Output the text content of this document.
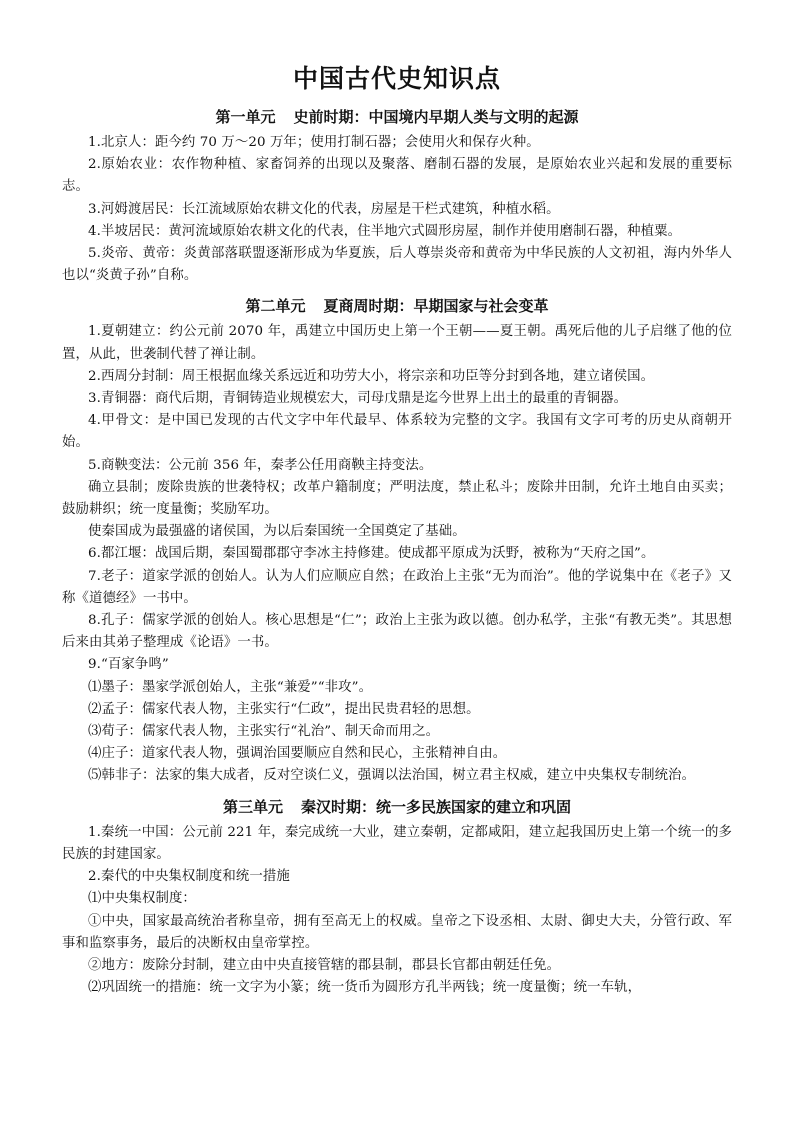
中国古代史知识点
第一单元 史前时期：中国境内早期人类与文明的起源

1.北京人：距今约 70 万～20 万年；使用打制石器；会使用火和保存火种。

2.原始农业：农作物种植、家畜饲养的出现以及聚落、磨制石器的发展，是原始农业兴起和发展的重要标志。

3.河姆渡居民：长江流域原始农耕文化的代表，房屋是干栏式建筑，种植水稻。

4.半坡居民：黄河流域原始农耕文化的代表，住半地穴式圆形房屋，制作并使用磨制石器，种植粟。

5.炎帝、黄帝：炎黄部落联盟逐渐形成为华夏族，后人尊崇炎帝和黄帝为中华民族的人文初祖，海内外华人也以“炎黄子孙”自称。

第二单元 夏商周时期：早期国家与社会变革

1.夏朝建立：约公元前 2070 年，禹建立中国历史上第一个王朝——夏王朝。禹死后他的儿子启继了他的位置，从此，世袭制代替了禅让制。

2.西周分封制：周王根据血缘关系远近和功劳大小，将宗亲和功臣等分封到各地，建立诸侯国。

3.青铜器：商代后期，青铜铸造业规模宏大，司母戊鼎是迄今世界上出土的最重的青铜器。

4.甲骨文：是中国已发现的古代文字中年代最早、体系较为完整的文字。我国有文字可考的历史从商朝开始。

5.商鞅变法：公元前 356 年，秦孝公任用商鞅主持变法。

确立县制；废除贵族的世袭特权；改革户籍制度；严明法度，禁止私斗；废除井田制，允许土地自由买卖；鼓励耕织；统一度量衡；奖励军功。

使秦国成为最强盛的诸侯国，为以后秦国统一全国奠定了基础。

6.都江堰：战国后期，秦国蜀郡郡守李冰主持修建。使成都平原成为沃野，被称为“天府之国”。

7.老子：道家学派的创始人。认为人们应顺应自然；在政治上主张“无为而治”。他的学说集中在《老子》又称《道德经》一书中。

8.孔子：儒家学派的创始人。核心思想是“仁”；政治上主张为政以德。创办私学，主张“有教无类”。其思想后来由其弟子整理成《论语》一书。

9.“百家争鸣”

⑴墨子：墨家学派创始人，主张“兼爱”“非攻”。

⑵孟子：儒家代表人物，主张实行“仁政”，提出民贵君轻的思想。

⑶荀子：儒家代表人物，主张实行“礼治”、制天命而用之。

⑷庄子：道家代表人物，强调治国要顺应自然和民心，主张精神自由。

⑸韩非子：法家的集大成者，反对空谈仁义，强调以法治国，树立君主权威，建立中央集权专制统治。

第三单元 秦汉时期：统一多民族国家的建立和巩固

1.秦统一中国：公元前 221 年，秦完成统一大业，建立秦朝，定都咸阳，建立起我国历史上第一个统一的多民族的封建国家。

2.秦代的中央集权制度和统一措施

⑴中央集权制度：

①中央，国家最高统治者称皇帝，拥有至高无上的权威。皇帝之下设丞相、太尉、御史大夫，分管行政、军事和监察事务，最后的决断权由皇帝掌控。

②地方：废除分封制，建立由中央直接管辖的郡县制，郡县长官都由朝廷任免。

⑵巩固统一的措施：统一文字为小篆；统一货币为圆形方孔半两钱；统一度量衡；统一车轨，
